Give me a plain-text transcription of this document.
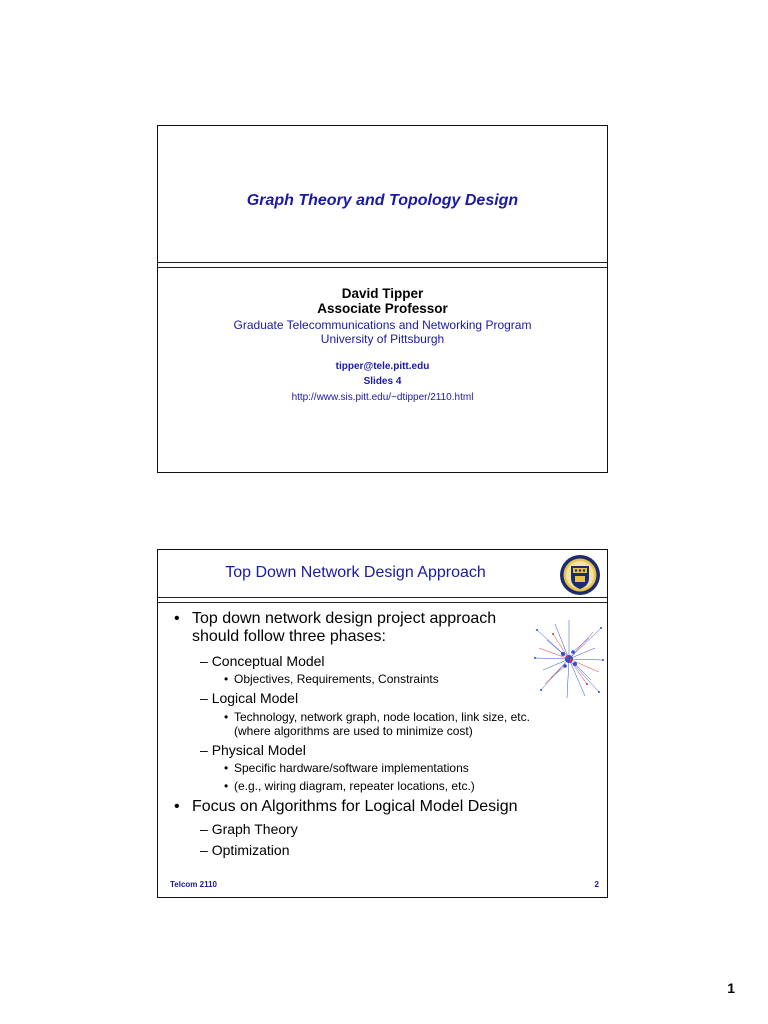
Graph Theory and Topology Design
David Tipper
Associate Professor
Graduate Telecommunications and Networking Program
University of Pittsburgh
tipper@tele.pitt.edu
Slides 4
http://www.sis.pitt.edu/~dtipper/2110.html
Top Down Network Design Approach
• Top down network design project approach
should follow three phases:
– Conceptual Model
• Objectives, Requirements, Constraints
– Logical Model
• Technology, network graph, node location, link size, etc.
(where algorithms are used to minimize cost)
– Physical Model
• Specific hardware/software implementations
• (e.g., wiring diagram, repeater locations, etc.)
• Focus on Algorithms for Logical Model Design
– Graph Theory
– Optimization
Telcom 2110	2
1
